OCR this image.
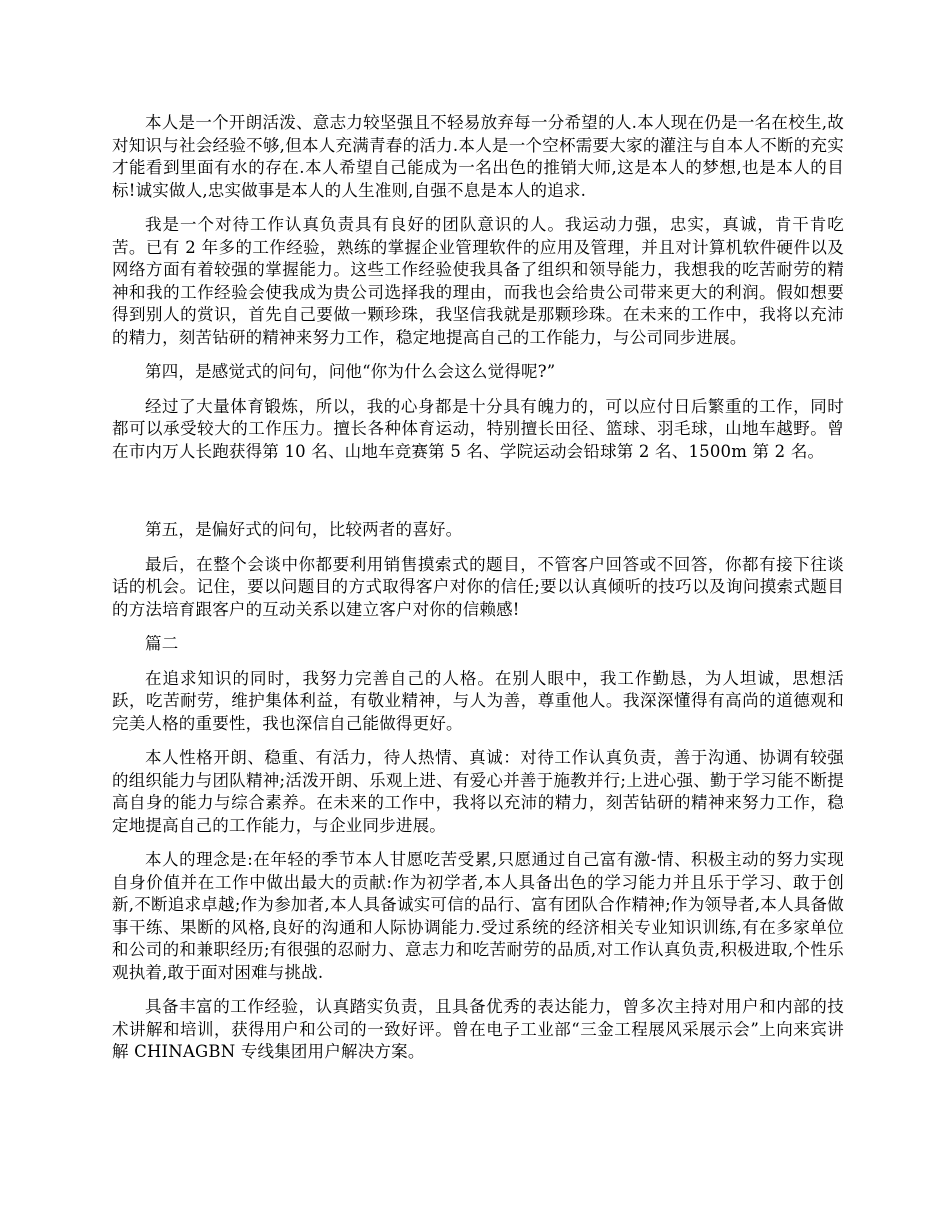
本人是一个开朗活泼、意志力较坚强且不轻易放弃每一分希望的人.本人现在仍是一名在校生,故对知识与社会经验不够,但本人充满青春的活力.本人是一个空杯需要大家的灌注与自本人不断的充实才能看到里面有水的存在.本人希望自己能成为一名出色的推销大师,这是本人的梦想,也是本人的目标!诚实做人,忠实做事是本人的人生准则,自强不息是本人的追求.

我是一个对待工作认真负责具有良好的团队意识的人。我运动力强，忠实，真诚，肯干肯吃苦。已有 2 年多的工作经验，熟练的掌握企业管理软件的应用及管理，并且对计算机软件硬件以及网络方面有着较强的掌握能力。这些工作经验使我具备了组织和领导能力，我想我的吃苦耐劳的精神和我的工作经验会使我成为贵公司选择我的理由，而我也会给贵公司带来更大的利润。假如想要得到别人的赏识，首先自己要做一颗珍珠，我坚信我就是那颗珍珠。在未来的工作中，我将以充沛的精力，刻苦钻研的精神来努力工作，稳定地提高自己的工作能力，与公司同步进展。

第四，是感觉式的问句，问他“你为什么会这么觉得呢?”

经过了大量体育锻炼，所以，我的心身都是十分具有魄力的，可以应付日后繁重的工作，同时都可以承受较大的工作压力。擅长各种体育运动，特别擅长田径、篮球、羽毛球，山地车越野。曾在市内万人长跑获得第 10 名、山地车竞赛第 5 名、学院运动会铅球第 2 名、1500m 第 2 名。

第五，是偏好式的问句，比较两者的喜好。

最后，在整个会谈中你都要利用销售摸索式的题目，不管客户回答或不回答，你都有接下往谈话的机会。记住，要以问题目的方式取得客户对你的信任;要以认真倾听的技巧以及询问摸索式题目的方法培育跟客户的互动关系以建立客户对你的信赖感!

篇二

在追求知识的同时，我努力完善自己的人格。在别人眼中，我工作勤恳，为人坦诚，思想活跃，吃苦耐劳，维护集体利益，有敬业精神，与人为善，尊重他人。我深深懂得有高尚的道德观和完美人格的重要性，我也深信自己能做得更好。

本人性格开朗、稳重、有活力，待人热情、真诚：对待工作认真负责，善于沟通、协调有较强的组织能力与团队精神;活泼开朗、乐观上进、有爱心并善于施教并行;上进心强、勤于学习能不断提高自身的能力与综合素养。在未来的工作中，我将以充沛的精力，刻苦钻研的精神来努力工作，稳定地提高自己的工作能力，与企业同步进展。

本人的理念是:在年轻的季节本人甘愿吃苦受累,只愿通过自己富有激-情、积极主动的努力实现自身价值并在工作中做出最大的贡献:作为初学者,本人具备出色的学习能力并且乐于学习、敢于创新,不断追求卓越;作为参加者,本人具备诚实可信的品行、富有团队合作精神;作为领导者,本人具备做事干练、果断的风格,良好的沟通和人际协调能力.受过系统的经济相关专业知识训练,有在多家单位和公司的和兼职经历;有很强的忍耐力、意志力和吃苦耐劳的品质,对工作认真负责,积极进取,个性乐观执着,敢于面对困难与挑战.

具备丰富的工作经验，认真踏实负责，且具备优秀的表达能力，曾多次主持对用户和内部的技术讲解和培训，获得用户和公司的一致好评。曾在电子工业部“三金工程展风采展示会”上向来宾讲解 CHINAGBN 专线集团用户解决方案。
